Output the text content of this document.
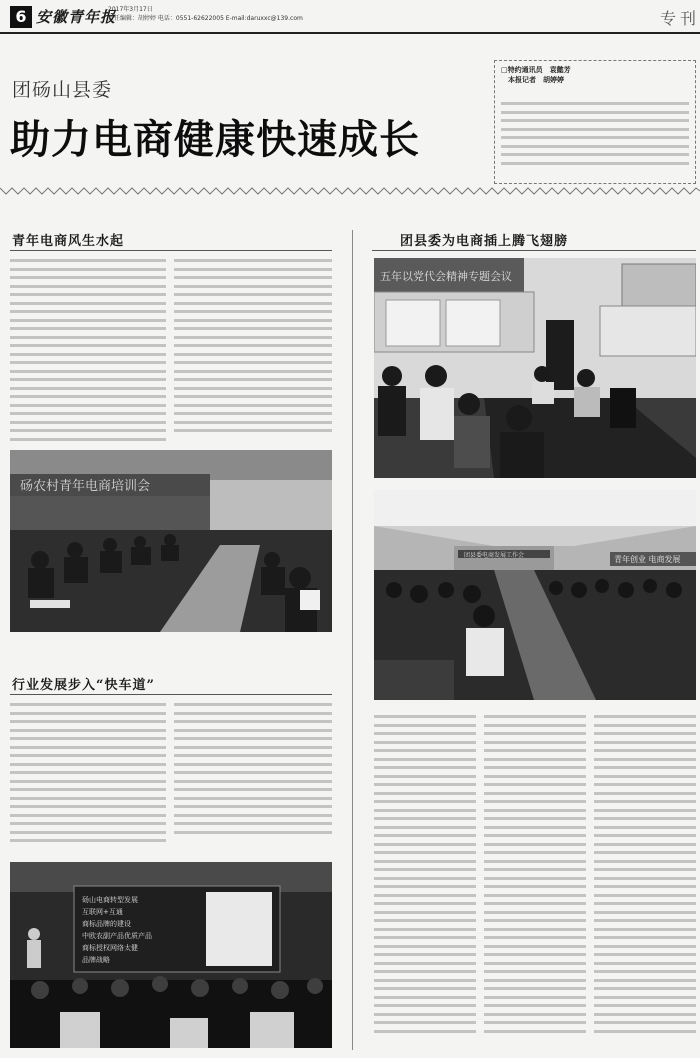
6 安徽青年报
2017年3月17日
责任编辑：胡婷婷 电话：0551-62622005 E-mail:daruxxc@139.com	专刊
团砀山县委
助力电商健康快速成长
□特约通讯员　袁懿芳
　本报记者　胡婷婷
青年电商风生水起
砀农村青年电商培训会
行业发展步入“快车道”
砀山电商转型发展
互联网+互通
商标品牌的建设
中欧农副产品优质产品
商标授权网络太健
品牌战略
团县委为电商插上腾飞翅膀
五年以党代会精神专题会议
团县委电商发展工作会	青年创业 电商发展
